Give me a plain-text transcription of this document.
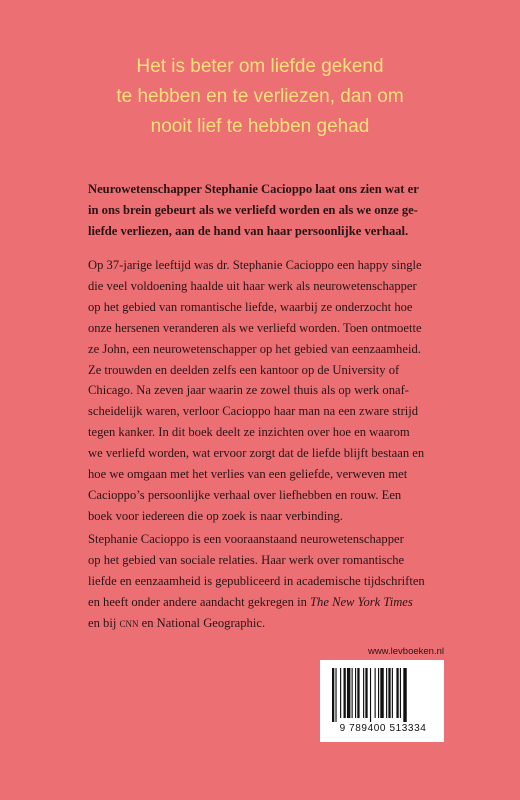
Het is beter om liefde gekend
te hebben en te verliezen, dan om
nooit lief te hebben gehad
Neurowetenschapper Stephanie Cacioppo laat ons zien wat er
in ons brein gebeurt als we verliefd worden en als we onze ge-
liefde verliezen, aan de hand van haar persoonlijke verhaal.
Op 37-jarige leeftijd was dr. Stephanie Cacioppo een happy single
die veel voldoening haalde uit haar werk als neurowetenschapper
op het gebied van romantische liefde, waarbij ze onderzocht hoe
onze hersenen veranderen als we verliefd worden. Toen ontmoette
ze John, een neurowetenschapper op het gebied van eenzaamheid.
Ze trouwden en deelden zelfs een kantoor op de University of
Chicago. Na zeven jaar waarin ze zowel thuis als op werk onaf-
scheidelijk waren, verloor Cacioppo haar man na een zware strijd
tegen kanker. In dit boek deelt ze inzichten over hoe en waarom
we verliefd worden, wat ervoor zorgt dat de liefde blijft bestaan en
hoe we omgaan met het verlies van een geliefde, verweven met
Cacioppo’s persoonlijke verhaal over liefhebben en rouw. Een
boek voor iedereen die op zoek is naar verbinding.
Stephanie Cacioppo is een vooraanstaand neurowetenschapper
op het gebied van sociale relaties. Haar werk over romantische
liefde en eenzaamheid is gepubliceerd in academische tijdschriften
en heeft onder andere aandacht gekregen in The New York Times
en bij cnn en National Geographic.
www.levboeken.nl
9 789400 513334
